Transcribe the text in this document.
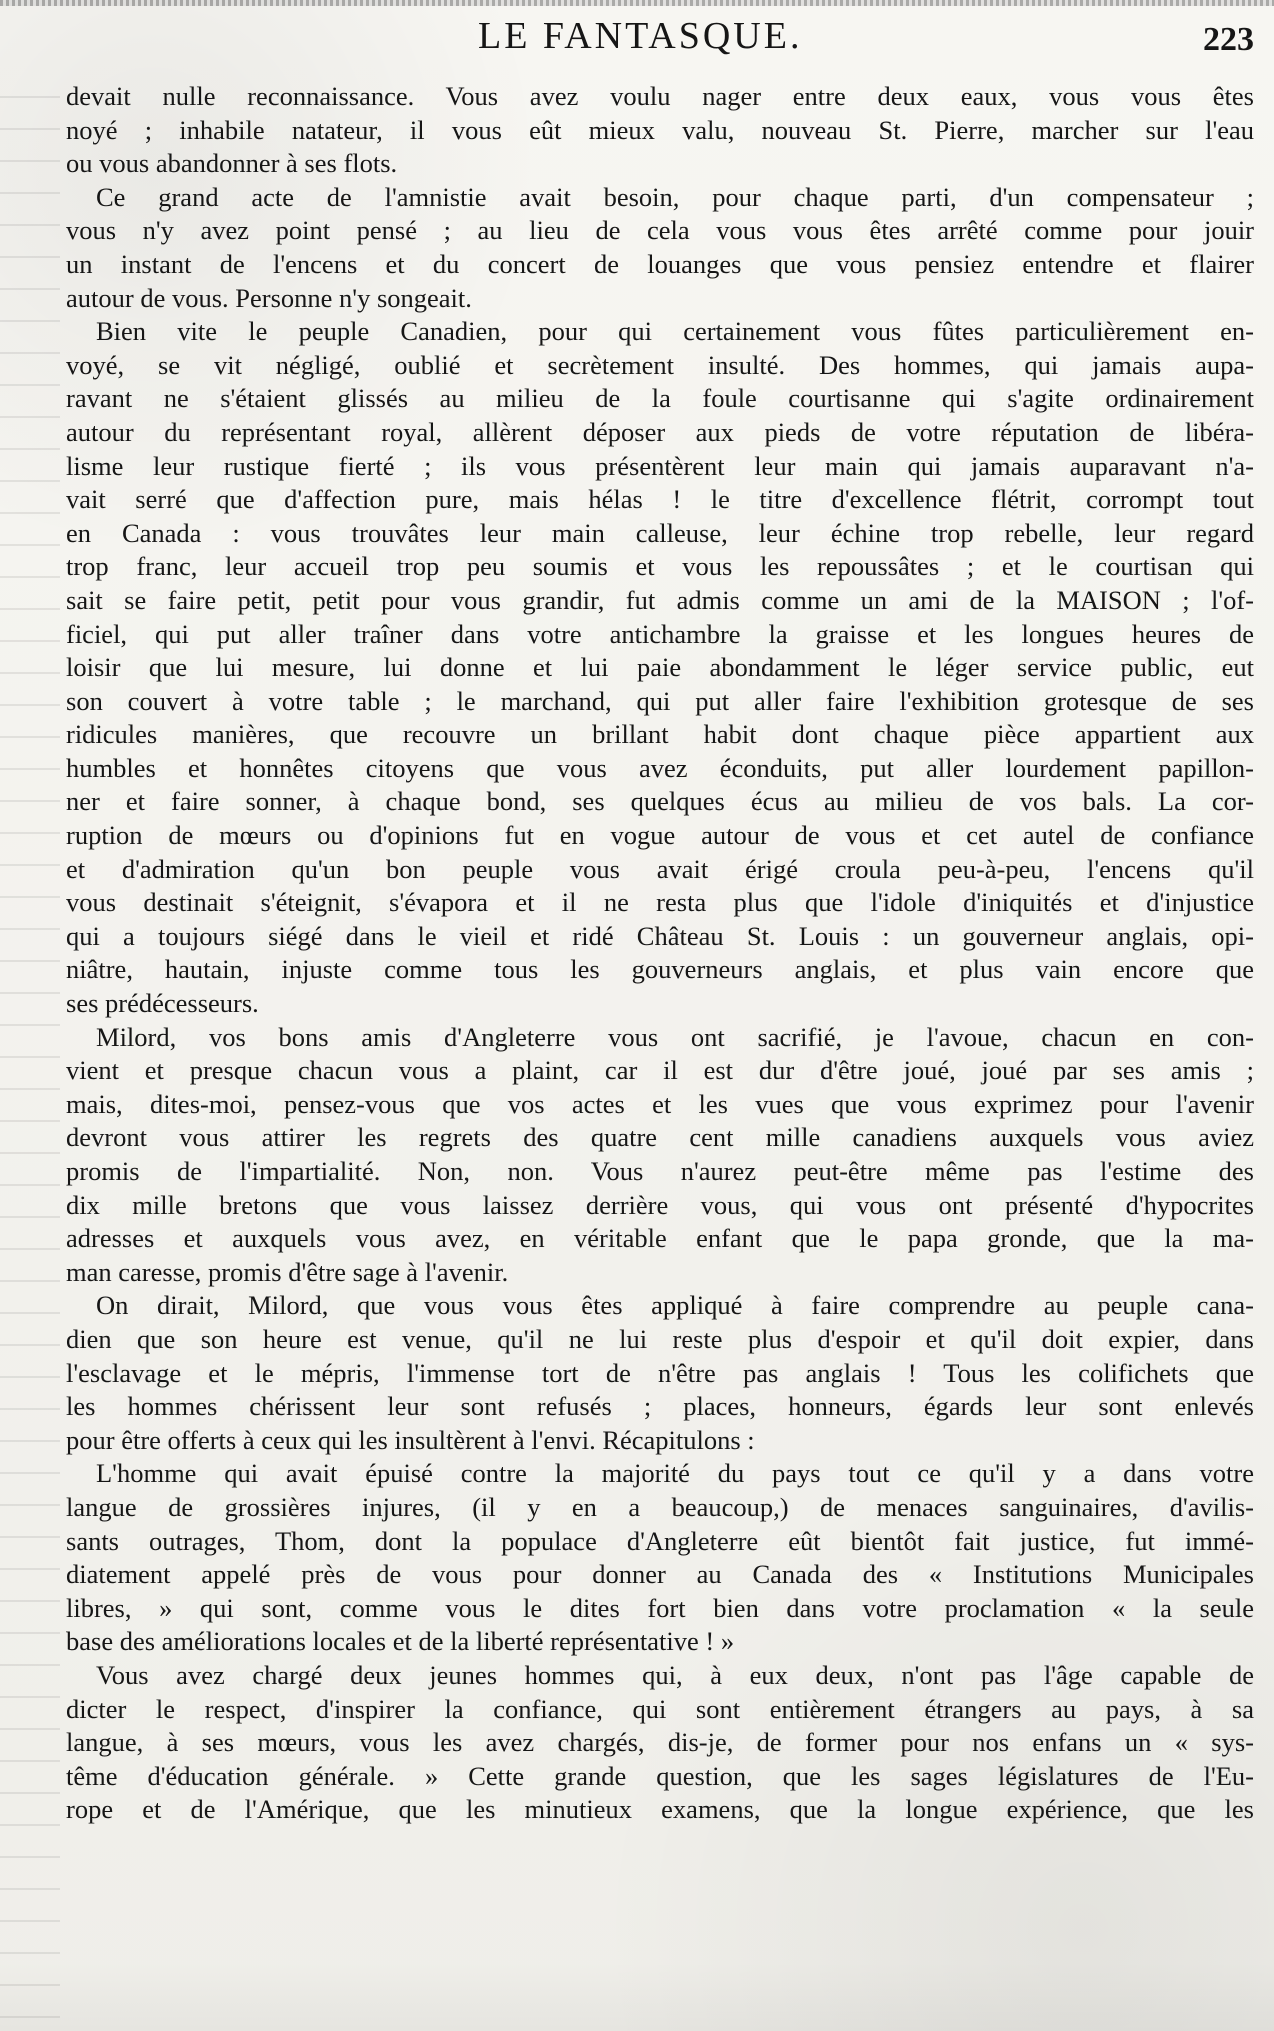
LE FANTASQUE.	223
devait nulle reconnaissance. Vous avez voulu nager entre deux eaux, vous vous êtes
noyé ; inhabile natateur, il vous eût mieux valu, nouveau St. Pierre, marcher sur l'eau
ou vous abandonner à ses flots.
Ce grand acte de l'amnistie avait besoin, pour chaque parti, d'un compensateur ;
vous n'y avez point pensé ; au lieu de cela vous vous êtes arrêté comme pour jouir
un instant de l'encens et du concert de louanges que vous pensiez entendre et flairer
autour de vous. Personne n'y songeait.
Bien vite le peuple Canadien, pour qui certainement vous fûtes particulièrement en-
voyé, se vit négligé, oublié et secrètement insulté. Des hommes, qui jamais aupa-
ravant ne s'étaient glissés au milieu de la foule courtisanne qui s'agite ordinairement
autour du représentant royal, allèrent déposer aux pieds de votre réputation de libéra-
lisme leur rustique fierté ; ils vous présentèrent leur main qui jamais auparavant n'a-
vait serré que d'affection pure, mais hélas ! le titre d'excellence flétrit, corrompt tout
en Canada : vous trouvâtes leur main calleuse, leur échine trop rebelle, leur regard
trop franc, leur accueil trop peu soumis et vous les repoussâtes ; et le courtisan qui
sait se faire petit, petit pour vous grandir, fut admis comme un ami de la MAISON ; l'of-
ficiel, qui put aller traîner dans votre antichambre la graisse et les longues heures de
loisir que lui mesure, lui donne et lui paie abondamment le léger service public, eut
son couvert à votre table ; le marchand, qui put aller faire l'exhibition grotesque de ses
ridicules manières, que recouvre un brillant habit dont chaque pièce appartient aux
humbles et honnêtes citoyens que vous avez éconduits, put aller lourdement papillon-
ner et faire sonner, à chaque bond, ses quelques écus au milieu de vos bals. La cor-
ruption de mœurs ou d'opinions fut en vogue autour de vous et cet autel de confiance
et d'admiration qu'un bon peuple vous avait érigé croula peu-à-peu, l'encens qu'il
vous destinait s'éteignit, s'évapora et il ne resta plus que l'idole d'iniquités et d'injustice
qui a toujours siégé dans le vieil et ridé Château St. Louis : un gouverneur anglais, opi-
niâtre, hautain, injuste comme tous les gouverneurs anglais, et plus vain encore que
ses prédécesseurs.
Milord, vos bons amis d'Angleterre vous ont sacrifié, je l'avoue, chacun en con-
vient et presque chacun vous a plaint, car il est dur d'être joué, joué par ses amis ;
mais, dites-moi, pensez-vous que vos actes et les vues que vous exprimez pour l'avenir
devront vous attirer les regrets des quatre cent mille canadiens auxquels vous aviez
promis de l'impartialité. Non, non. Vous n'aurez peut-être même pas l'estime des
dix mille bretons que vous laissez derrière vous, qui vous ont présenté d'hypocrites
adresses et auxquels vous avez, en véritable enfant que le papa gronde, que la ma-
man caresse, promis d'être sage à l'avenir.
On dirait, Milord, que vous vous êtes appliqué à faire comprendre au peuple cana-
dien que son heure est venue, qu'il ne lui reste plus d'espoir et qu'il doit expier, dans
l'esclavage et le mépris, l'immense tort de n'être pas anglais ! Tous les colifichets que
les hommes chérissent leur sont refusés ; places, honneurs, égards leur sont enlevés
pour être offerts à ceux qui les insultèrent à l'envi. Récapitulons :
L'homme qui avait épuisé contre la majorité du pays tout ce qu'il y a dans votre
langue de grossières injures, (il y en a beaucoup,) de menaces sanguinaires, d'avilis-
sants outrages, Thom, dont la populace d'Angleterre eût bientôt fait justice, fut immé-
diatement appelé près de vous pour donner au Canada des « Institutions Municipales
libres, » qui sont, comme vous le dites fort bien dans votre proclamation « la seule
base des améliorations locales et de la liberté représentative ! »
Vous avez chargé deux jeunes hommes qui, à eux deux, n'ont pas l'âge capable de
dicter le respect, d'inspirer la confiance, qui sont entièrement étrangers au pays, à sa
langue, à ses mœurs, vous les avez chargés, dis-je, de former pour nos enfans un « sys-
tême d'éducation générale. » Cette grande question, que les sages législatures de l'Eu-
rope et de l'Amérique, que les minutieux examens, que la longue expérience, que les
